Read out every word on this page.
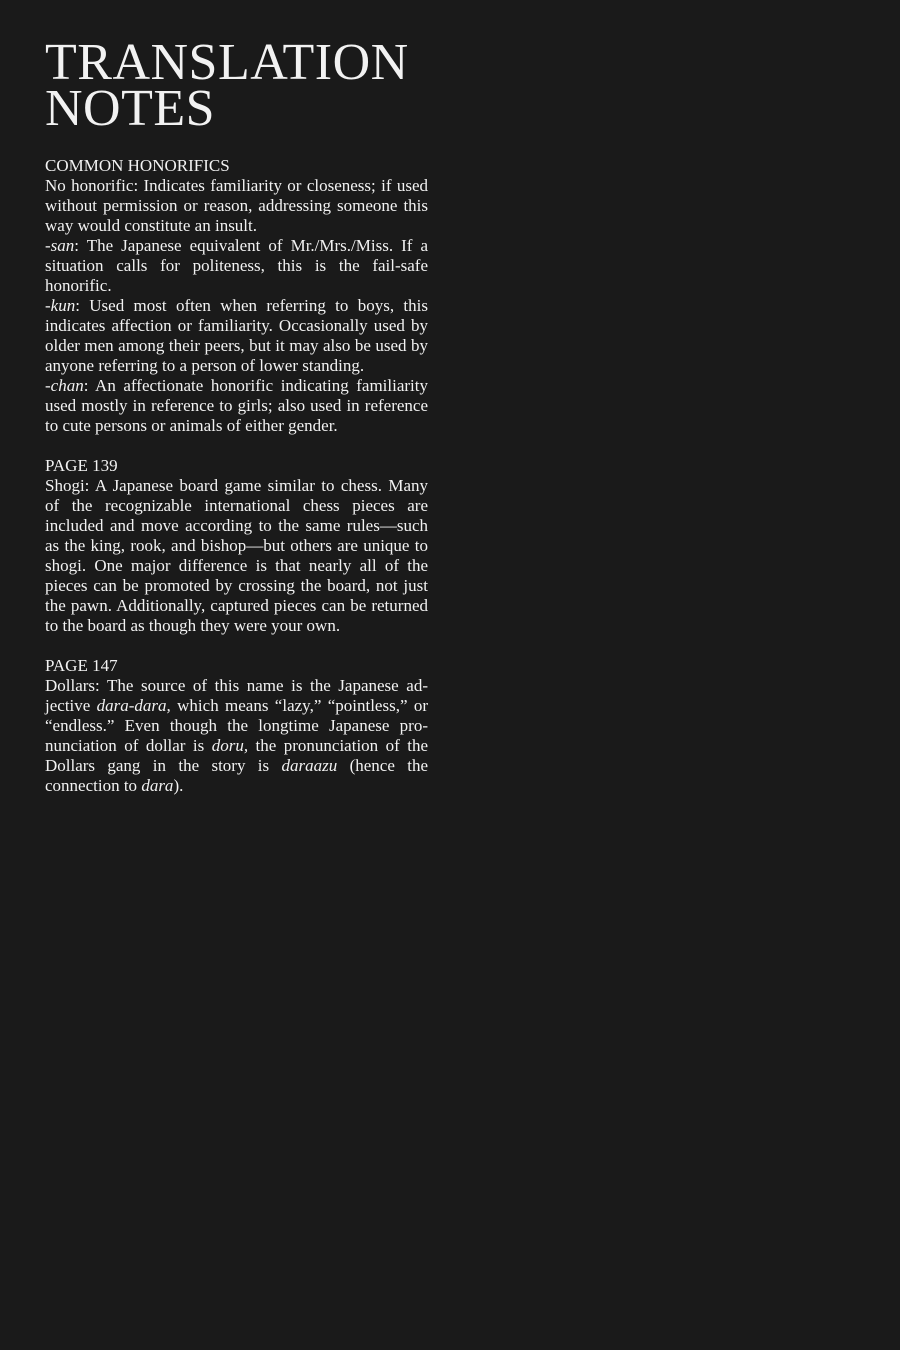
TRANSLATION
NOTES
COMMON HONORIFICS

No honorific: Indicates familiarity or closeness; if used without permission or reason, addressing someone this way would constitute an insult.

-san: The Japanese equivalent of Mr./Mrs./Miss. If a situation calls for politeness, this is the fail-safe honorific.

-kun: Used most often when referring to boys, this indicates affection or familiarity. Occasionally used by older men among their peers, but it may also be used by anyone referring to a person of lower standing.

-chan: An affectionate honorific indicating familiarity used mostly in reference to girls; also used in reference to cute persons or animals of either gender.

PAGE 139

Shogi: A Japanese board game similar to chess. Many of the recognizable international chess pieces are included and move according to the same rules—such as the king, rook, and bishop—but others are unique to shogi. One major difference is that nearly all of the pieces can be promoted by crossing the board, not just the pawn. Additionally, captured pieces can be returned to the board as though they were your own.

PAGE 147

Dollars: The source of this name is the Japanese adjective dara-dara, which means “lazy,” “pointless,” or “endless.” Even though the longtime Japanese pronunciation of dollar is doru, the pronunciation of the Dollars gang in the story is daraazu (hence the connection to dara).
